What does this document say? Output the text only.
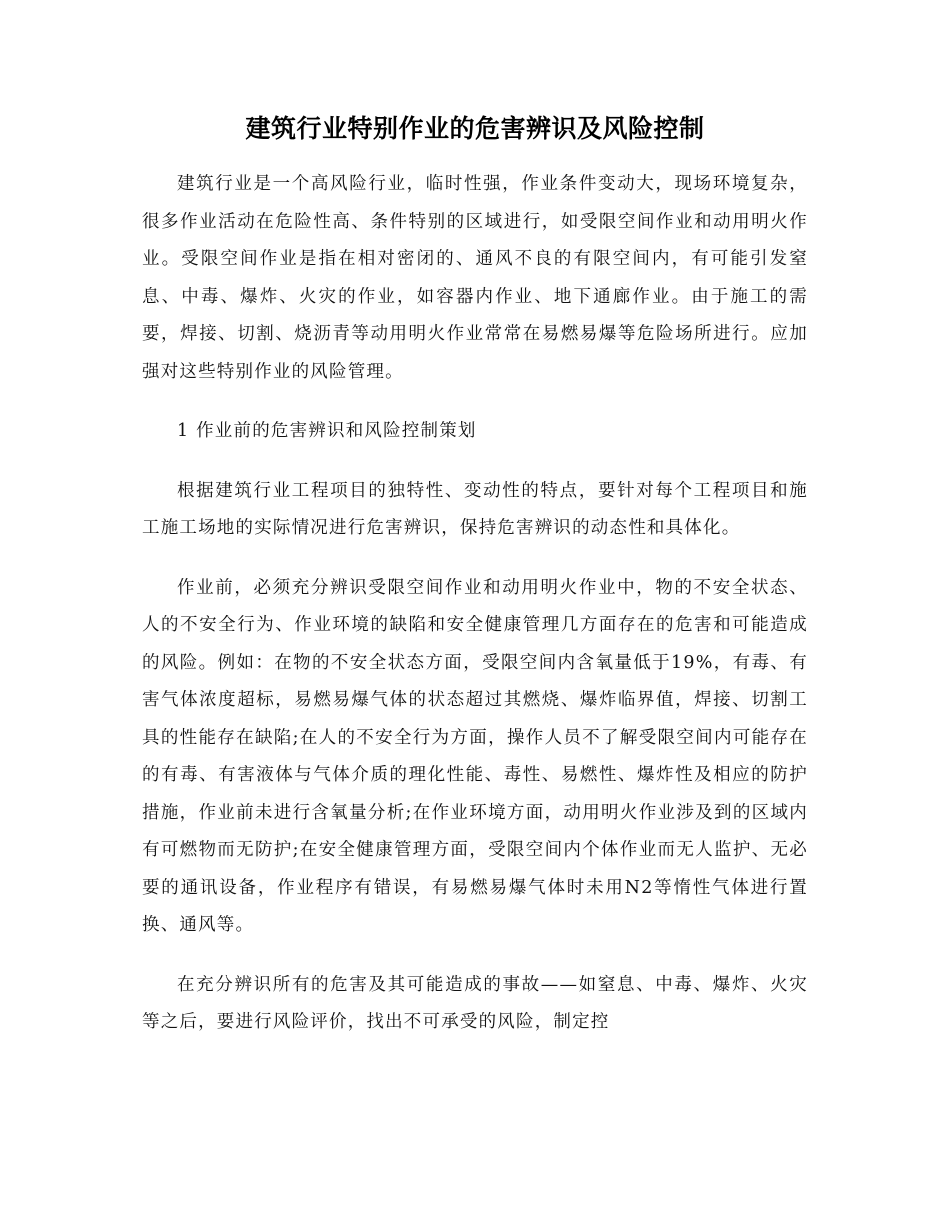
建筑行业特别作业的危害辨识及风险控制

建筑行业是一个高风险行业，临时性强，作业条件变动大，现场环境复杂，很多作业活动在危险性高、条件特别的区域进行，如受限空间作业和动用明火作业。受限空间作业是指在相对密闭的、通风不良的有限空间内，有可能引发窒息、中毒、爆炸、火灾的作业，如容器内作业、地下通廊作业。由于施工的需要，焊接、切割、烧沥青等动用明火作业常常在易燃易爆等危险场所进行。应加强对这些特别作业的风险管理。

1 作业前的危害辨识和风险控制策划

根据建筑行业工程项目的独特性、变动性的特点，要针对每个工程项目和施工施工场地的实际情况进行危害辨识，保持危害辨识的动态性和具体化。

作业前，必须充分辨识受限空间作业和动用明火作业中，物的不安全状态、人的不安全行为、作业环境的缺陷和安全健康管理几方面存在的危害和可能造成的风险。例如：在物的不安全状态方面，受限空间内含氧量低于19%，有毒、有害气体浓度超标，易燃易爆气体的状态超过其燃烧、爆炸临界值，焊接、切割工具的性能存在缺陷;在人的不安全行为方面，操作人员不了解受限空间内可能存在的有毒、有害液体与气体介质的理化性能、毒性、易燃性、爆炸性及相应的防护措施，作业前未进行含氧量分析;在作业环境方面，动用明火作业涉及到的区域内有可燃物而无防护;在安全健康管理方面，受限空间内个体作业而无人监护、无必要的通讯设备，作业程序有错误，有易燃易爆气体时未用N2等惰性气体进行置换、通风等。

在充分辨识所有的危害及其可能造成的事故——如窒息、中毒、爆炸、火灾等之后，要进行风险评价，找出不可承受的风险，制定控
